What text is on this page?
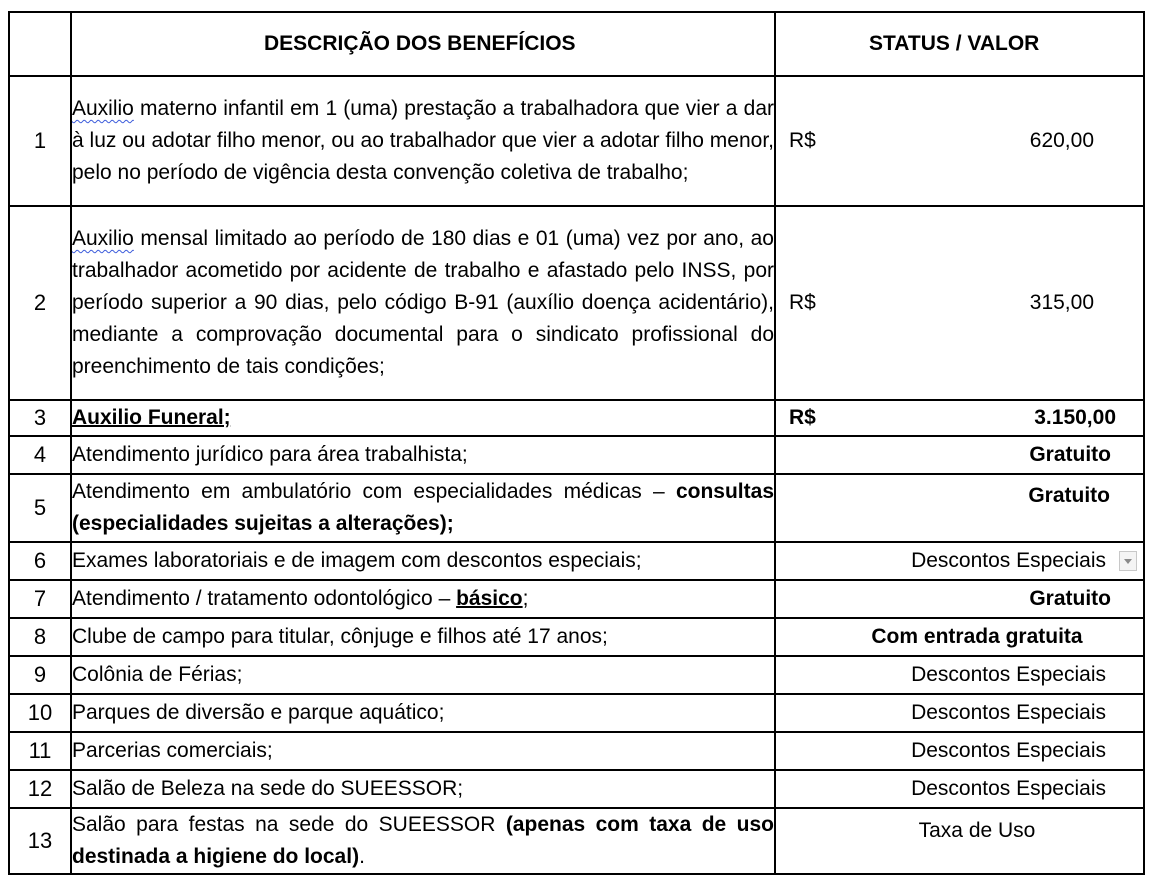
	DESCRIÇÃO DOS BENEFÍCIOS	STATUS / VALOR
1	Auxilio materno infantil em 1 (uma) prestação a trabalhadora que vier a dar à luz ou adotar filho menor, ou ao trabalhador que vier a adotar filho menor, pelo no período de vigência desta convenção coletiva de trabalho;	R$ 620,00

2	Auxilio mensal limitado ao período de 180 dias e 01 (uma) vez por ano, ao trabalhador acometido por acidente de trabalho e afastado pelo INSS, por período superior a 90 dias, pelo código B-91 (auxílio doença acidentário), mediante a comprovação documental para o sindicato profissional do preenchimento de tais condições;	R$ 315,00

3	Auxilio Funeral;	R$ 3.150,00

4	Atendimento jurídico para área trabalhista;	Gratuito

5	Atendimento em ambulatório com especialidades médicas – consultas (especialidades sujeitas a alterações);	Gratuito

6	Exames laboratoriais e de imagem com descontos especiais;	Descontos Especiais

7	Atendimento / tratamento odontológico – básico;	Gratuito

8	Clube de campo para titular, cônjuge e filhos até 17 anos;	Com entrada gratuita

9	Colônia de Férias;	Descontos Especiais

10	Parques de diversão e parque aquático;	Descontos Especiais

11	Parcerias comerciais;	Descontos Especiais

12	Salão de Beleza na sede do SUEESSOR;	Descontos Especiais

13	Salão para festas na sede do SUEESSOR (apenas com taxa de uso destinada a higiene do local).	Taxa de Uso
